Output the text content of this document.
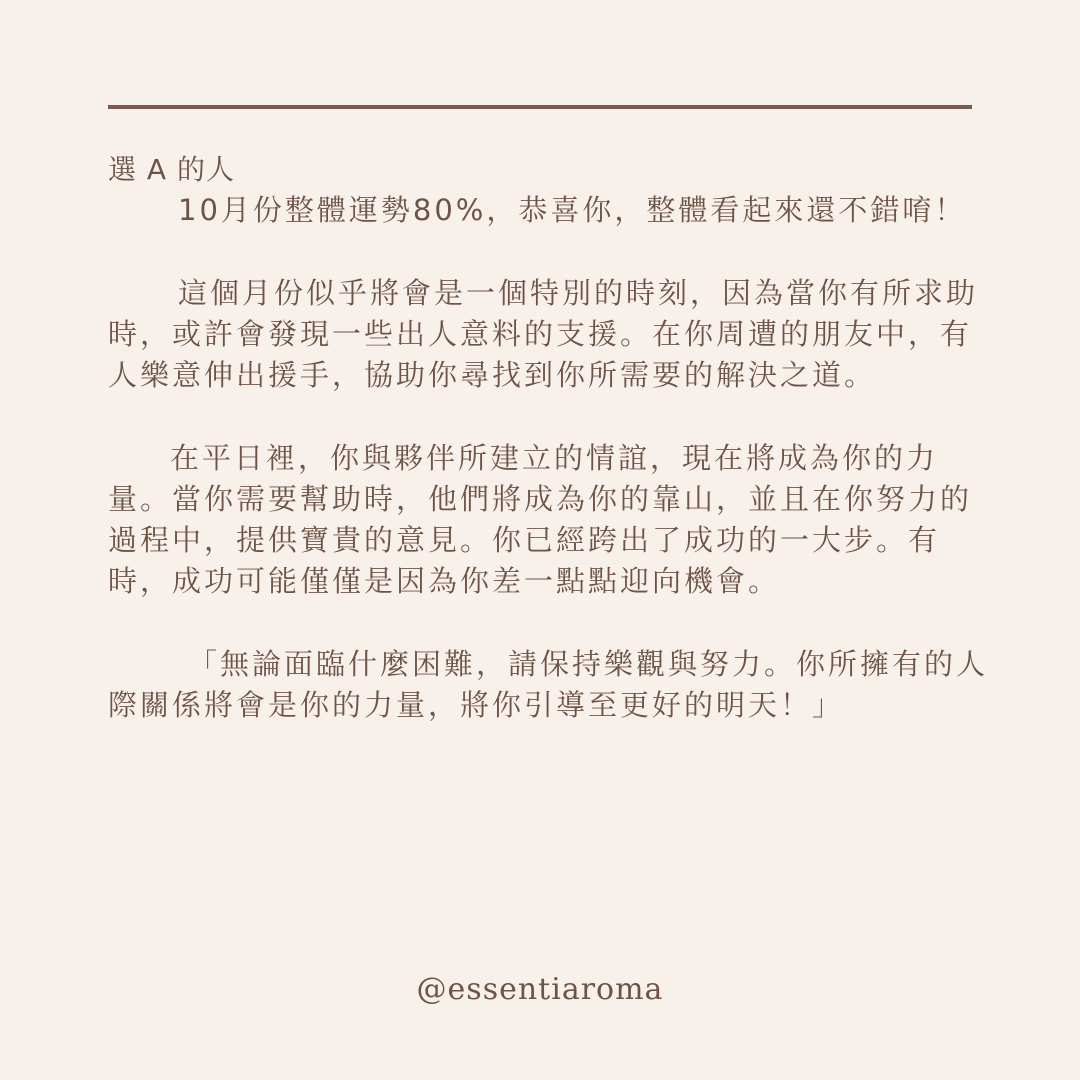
選 A 的人

10月份整體運勢80%，恭喜你，整體看起來還不錯唷！

這個月份似乎將會是一個特別的時刻，因為當你有所求助時，或許會發現一些出人意料的支援。在你周遭的朋友中，有人樂意伸出援手，協助你尋找到你所需要的解決之道。

在平日裡，你與夥伴所建立的情誼，現在將成為你的力量。當你需要幫助時，他們將成為你的靠山，並且在你努力的過程中，提供寶貴的意見。你已經跨出了成功的一大步。有時，成功可能僅僅是因為你差一點點迎向機會。

「無論面臨什麼困難，請保持樂觀與努力。你所擁有的人際關係將會是你的力量，將你引導至更好的明天！」

@essentiaroma
